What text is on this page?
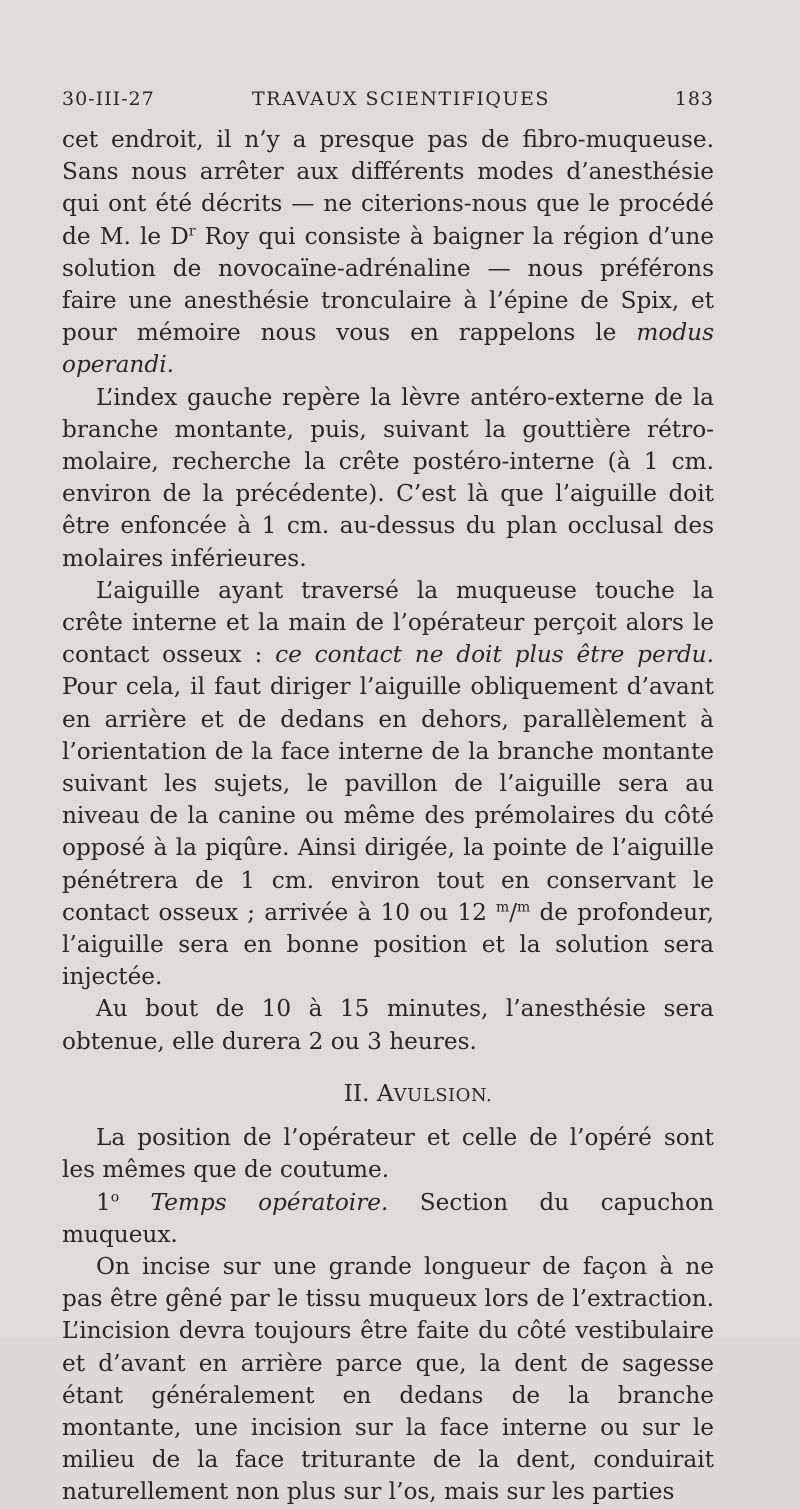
30-III-27	TRAVAUX SCIENTIFIQUES	183

cet endroit, il n’y a presque pas de fibro-muqueuse. Sans nous arrêter aux différents modes d’anesthésie qui ont été décrits — ne citerions-nous que le procédé de M. le $D^r$ Roy qui consiste à baigner la région d’une solution de novocaïne-adrénaline — nous préférons faire une anesthésie tronculaire à l’épine de Spix, et pour mémoire nous vous en rappelons le modus operandi.

L’index gauche repère la lèvre antéro-externe de la branche montante, puis, suivant la gouttière rétro-molaire, recherche la crête postéro-interne (à 1 cm. environ de la précédente). C’est là que l’aiguille doit être enfoncée à 1 cm. au-dessus du plan occlusal des molaires inférieures.

L’aiguille ayant traversé la muqueuse touche la crête interne et la main de l’opérateur perçoit alors le contact osseux : ce contact ne doit plus être perdu. Pour cela, il faut diriger l’aiguille obliquement d’avant en arrière et de dedans en dehors, parallèlement à l’orientation de la face interne de la branche montante suivant les sujets, le pavillon de l’aiguille sera au niveau de la canine ou même des prémolaires du côté opposé à la piqûre. Ainsi dirigée, la pointe de l’aiguille pénétrera de 1 cm. environ tout en conservant le contact osseux ; arrivée à 10 ou 12 $^m$/$^m$ de profondeur, l’aiguille sera en bonne position et la solution sera injectée.

Au bout de 10 à 15 minutes, l’anesthésie sera obtenue, elle durera 2 ou 3 heures.

II. AVULSION.

La position de l’opérateur et celle de l’opéré sont les mêmes que de coutume.

1$^o$ Temps opératoire. Section du capuchon muqueux.

On incise sur une grande longueur de façon à ne pas être gêné par le tissu muqueux lors de l’extraction. L’incision devra toujours être faite du côté vestibulaire et d’avant en arrière parce que, la dent de sagesse étant généralement en dedans de la branche montante, une incision sur la face interne ou sur le milieu de la face triturante de la dent, conduirait naturellement non plus sur l’os, mais sur les parties
